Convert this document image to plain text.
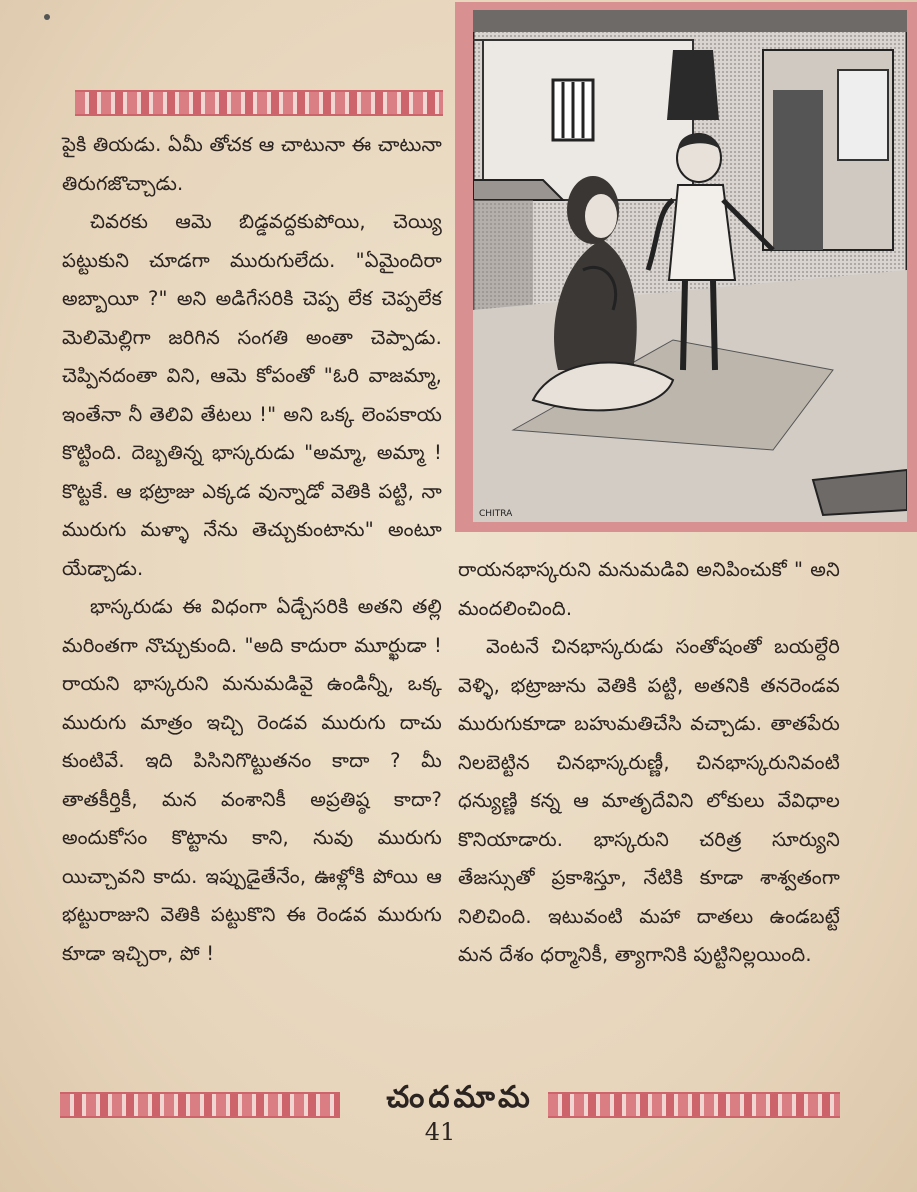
పైకి తియడు. ఏమీ తోచక ఆ చాటునా ఈ చాటునా తిరుగజొచ్చాడు.

చివరకు ఆమె బిడ్డవద్దకుపోయి, చెయ్యి పట్టుకుని చూడగా మురుగులేదు. "ఏమైందిరా అబ్బాయీ ?" అని అడిగేసరికి చెప్ప లేక చెప్పలేక మెలిమెల్లిగా జరిగిన సంగతి అంతా చెప్పాడు. చెప్పినదంతా విని, ఆమె కోపంతో "ఓరి వాజమ్మా, ఇంతేనా నీ తెలివి తేటలు !" అని ఒక్క లెంపకాయ కొట్టింది. దెబ్బతిన్న భాస్కరుడు "అమ్మా, అమ్మా ! కొట్టకే. ఆ భట్రాజు ఎక్కడ వున్నాడో వెతికి పట్టి, నా మురుగు మళ్ళా నేను తెచ్చుకుంటాను" అంటూ యేడ్చాడు.

భాస్కరుడు ఈ విధంగా ఏడ్చేసరికి అతని తల్లి మరింతగా నొచ్చుకుంది. "అది కాదురా మూర్ఖుడా ! రాయని భాస్కరుని మనుమడివై ఉండిన్నీ, ఒక్క మురుగు మాత్రం ఇచ్చి రెండవ మురుగు దాచు కుంటివే. ఇది పిసినిగొట్టుతనం కాదా ? మీ తాతకీర్తికీ, మన వంశానికీ అప్రతిష్ఠ కాదా? అందుకోసం కొట్టాను కాని, నువు మురుగు యిచ్చావని కాదు. ఇప్పుడైతేనేం, ఊళ్లోకి పోయి ఆ భట్టురాజుని వెతికి పట్టుకొని ఈ రెండవ మురుగు కూడా ఇచ్చిరా, పో !

CHITRA

రాయనభాస్కరుని మనుమడివి అనిపించుకో " అని మందలించింది.

వెంటనే చినభాస్కరుడు సంతోషంతో బయల్దేరి వెళ్ళి, భట్రాజును వెతికి పట్టి, అతనికి తనరెండవ మురుగుకూడా బహుమతిచేసి వచ్చాడు. తాతపేరు నిలబెట్టిన చినభాస్కరుణ్ణీ, చినభాస్కరునివంటి ధన్యుణ్ణి కన్న ఆ మాతృదేవిని లోకులు వేవిధాల కొనియాడారు. భాస్కరుని చరిత్ర సూర్యుని తేజస్సుతో ప్రకాశిస్తూ, నేటికి కూడా శాశ్వతంగా నిలిచింది. ఇటువంటి మహా దాతలు ఉండబట్టే మన దేశం ధర్మానికీ, త్యాగానికి పుట్టినిల్లయింది.

చందమామ
41
